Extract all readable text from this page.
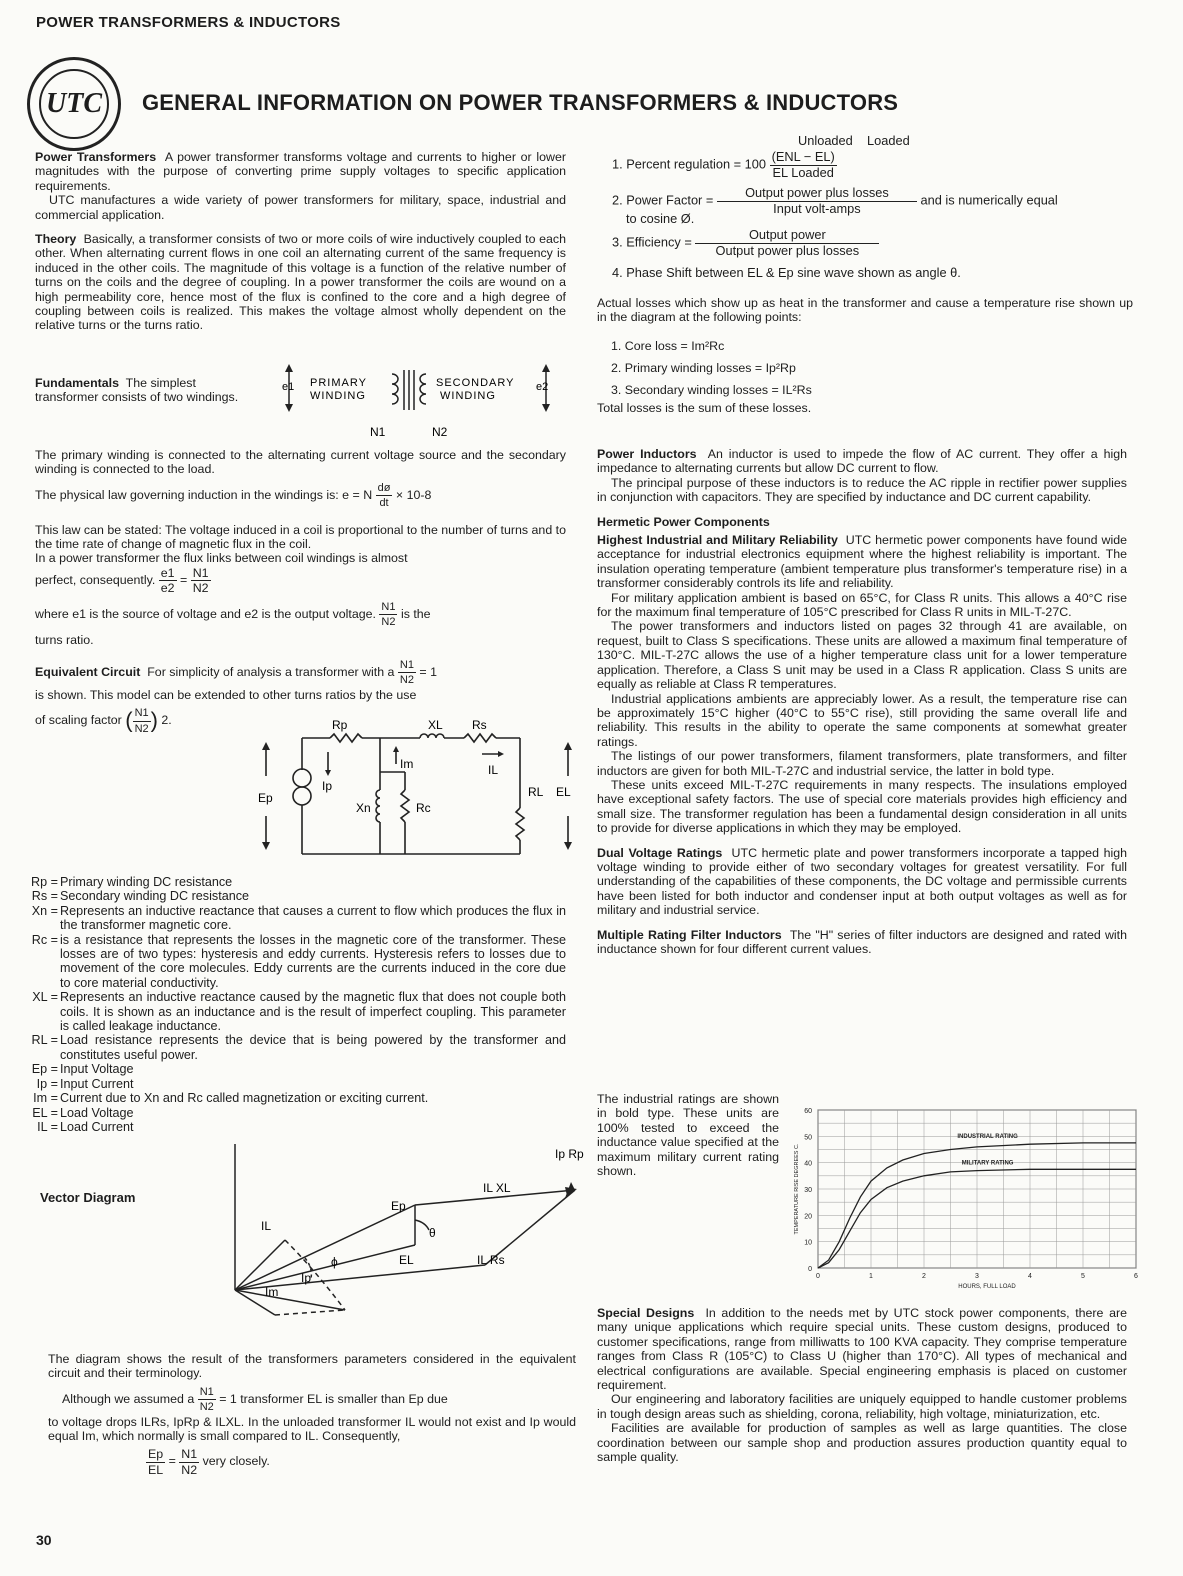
POWER TRANSFORMERS & INDUCTORS
UTC	GENERAL INFORMATION ON POWER TRANSFORMERS & INDUCTORS

Power Transformers A power transformer transforms voltage and currents to higher or lower magnitudes with the purpose of converting prime supply voltages to specific application requirements.

UTC manufactures a wide variety of power transformers for military, space, industrial and commercial application.

Theory Basically, a transformer consists of two or more coils of wire inductively coupled to each other. When alternating current flows in one coil an alternating current of the same frequency is induced in the other coils. The magnitude of this voltage is a function of the relative number of turns on the coils and the degree of coupling. In a power transformer the coils are wound on a high permeability core, hence most of the flux is confined to the core and a high degree of coupling between coils is realized. This makes the voltage almost wholly dependent on the relative turns or the turns ratio.

Fundamentals The simplest transformer consists of two windings.
e1 PRIMARY
WINDING
SECONDARY
WINDING
e2
N1	N2

The primary winding is connected to the alternating current voltage source and the secondary winding is connected to the load.

The physical law governing induction in the windings is: e = N $\frac{dø}{dt} \times 10-8$

This law can be stated: The voltage induced in a coil is proportional to the number of turns and to the time rate of change of magnetic flux in the coil.

In a power transformer the flux links between coil windings is almost

perfect, consequently. $\frac{e1}{e2} = \frac{N1}{N2}$

where e1 is the source of voltage and e2 is the output voltage. $\frac{N1}{N2}$ is the

turns ratio.

Equivalent Circuit For simplicity of analysis a transformer with a $\frac{N1}{N2} = 1$

is shown. This model can be extended to other turns ratios by the use

of scaling factor ( $\frac{N1}{N2}$ ) 2.	Rp	XL Rs
Ep
Ip
Im	IL
RL EL
Xn	Rc
Rp = Primary winding DC resistance
Rs = Secondary winding DC resistance
Xn = Represents an inductive reactance that causes a current to flow which produces the flux in the transformer magnetic core.
Rc = is a resistance that represents the losses in the magnetic core of the transformer. These losses are of two types: hysteresis and eddy currents. Hysteresis refers to losses due to movement of the core molecules. Eddy currents are the currents induced in the core due to core material conductivity.
XL = Represents an inductive reactance caused by the magnetic flux that does not couple both coils. It is shown as an inductance and is the result of imperfect coupling. This parameter is called leakage inductance.
RL = Load resistance represents the device that is being powered by the transformer and constitutes useful power.
Ep = Input Voltage
Ip = Input Current
Im = Current due to Xn and Rc called magnetization or exciting current.
EL = Load Voltage
IL = Load Current
Vector Diagram
Ip Rp
IL XL
Ep
θ
IL
ϕ	EL	IL Rs
Ip
Im

The diagram shows the result of the transformers parameters considered in the equivalent circuit and their terminology.

Although we assumed a $\frac{N1}{N2} = 1$ transformer EL is smaller than Ep due

to voltage drops ILRs, IpRp & ILXL. In the unloaded transformer IL would not exist and Ip would equal Im, which normally is small compared to IL. Consequently,

$\frac{Ep}{EL} = \frac{N1}{N2}$ very closely.

Unloaded Loaded
1. Percent regulation = $100 \frac{\text{(ENL − EL)}}{\text{EL Loaded}}$
2. Power Factor = $\frac{\text{Output power plus losses}}{\text{Input volt-amps}}$ and is numerically equal
to cosine Ø.
3. Efficiency = $\frac{\text{Output power}}{\text{Output power plus losses}}$
4. Phase Shift between EL & Ep sine wave shown as angle θ.

Actual losses which show up as heat in the transformer and cause a temperature rise shown up in the diagram at the following points:

1. Core loss = Im²Rc
2. Primary winding losses = Ip²Rp
3. Secondary winding losses = IL²Rs

Total losses is the sum of these losses.

Power Inductors An inductor is used to impede the flow of AC current. They offer a high impedance to alternating currents but allow DC current to flow.

The principal purpose of these inductors is to reduce the AC ripple in rectifier power supplies in conjunction with capacitors. They are specified by inductance and DC current capability.

Hermetic Power Components

Highest Industrial and Military Reliability UTC hermetic power components have found wide acceptance for industrial electronics equipment where the highest reliability is important. The insulation operating temperature (ambient temperature plus transformer's temperature rise) in a transformer considerably controls its life and reliability.

For military application ambient is based on 65°C, for Class R units. This allows a 40°C rise for the maximum final temperature of 105°C prescribed for Class R units in MIL-T-27C.

The power transformers and inductors listed on pages 32 through 41 are available, on request, built to Class S specifications. These units are allowed a maximum final temperature of 130°C. MIL-T-27C allows the use of a higher temperature class unit for a lower temperature application. Therefore, a Class S unit may be used in a Class R application. Class S units are equally as reliable at Class R temperatures.

Industrial applications ambients are appreciably lower. As a result, the temperature rise can be approximately 15°C higher (40°C to 55°C rise), still providing the same overall life and reliability. This results in the ability to operate the same components at somewhat greater ratings.

The listings of our power transformers, filament transformers, plate transformers, and filter inductors are given for both MIL-T-27C and industrial service, the latter in bold type.

These units exceed MIL-T-27C requirements in many respects. The insulations employed have exceptional safety factors. The use of special core materials provides high efficiency and small size. The transformer regulation has been a fundamental design consideration in all units to provide for diverse applications in which they may be employed.

Dual Voltage Ratings UTC hermetic plate and power transformers incorporate a tapped high voltage winding to provide either of two secondary voltages for greatest versatility. For full understanding of the capabilities of these components, the DC voltage and permissible currents have been listed for both inductor and condenser input at both output voltages as well as for military and industrial service.

Multiple Rating Filter Inductors The "H" series of filter inductors are designed and rated with inductance shown for four different current values.

The industrial ratings are shown in bold type. These units are 100% tested to exceed the inductance value specified at the maximum military current rating shown.
0
10
20
30
40
50
60
0	1	2	3	4	5	6
HOURS, FULL LOAD
TEMPERATURE RISE DEGREES C.
INDUSTRIAL RATING
MILITARY RATING

Special Designs In addition to the needs met by UTC stock power components, there are many unique applications which require special units. These custom designs, produced to customer specifications, range from milliwatts to 100 KVA capacity. They comprise temperature ranges from Class R (105°C) to Class U (higher than 170°C). All types of mechanical and electrical configurations are available. Special engineering emphasis is placed on customer requirement.

Our engineering and laboratory facilities are uniquely equipped to handle customer problems in tough design areas such as shielding, corona, reliability, high voltage, miniaturization, etc.

Facilities are available for production of samples as well as large quantities. The close coordination between our sample shop and production assures production quantity equal to sample quality.

30
